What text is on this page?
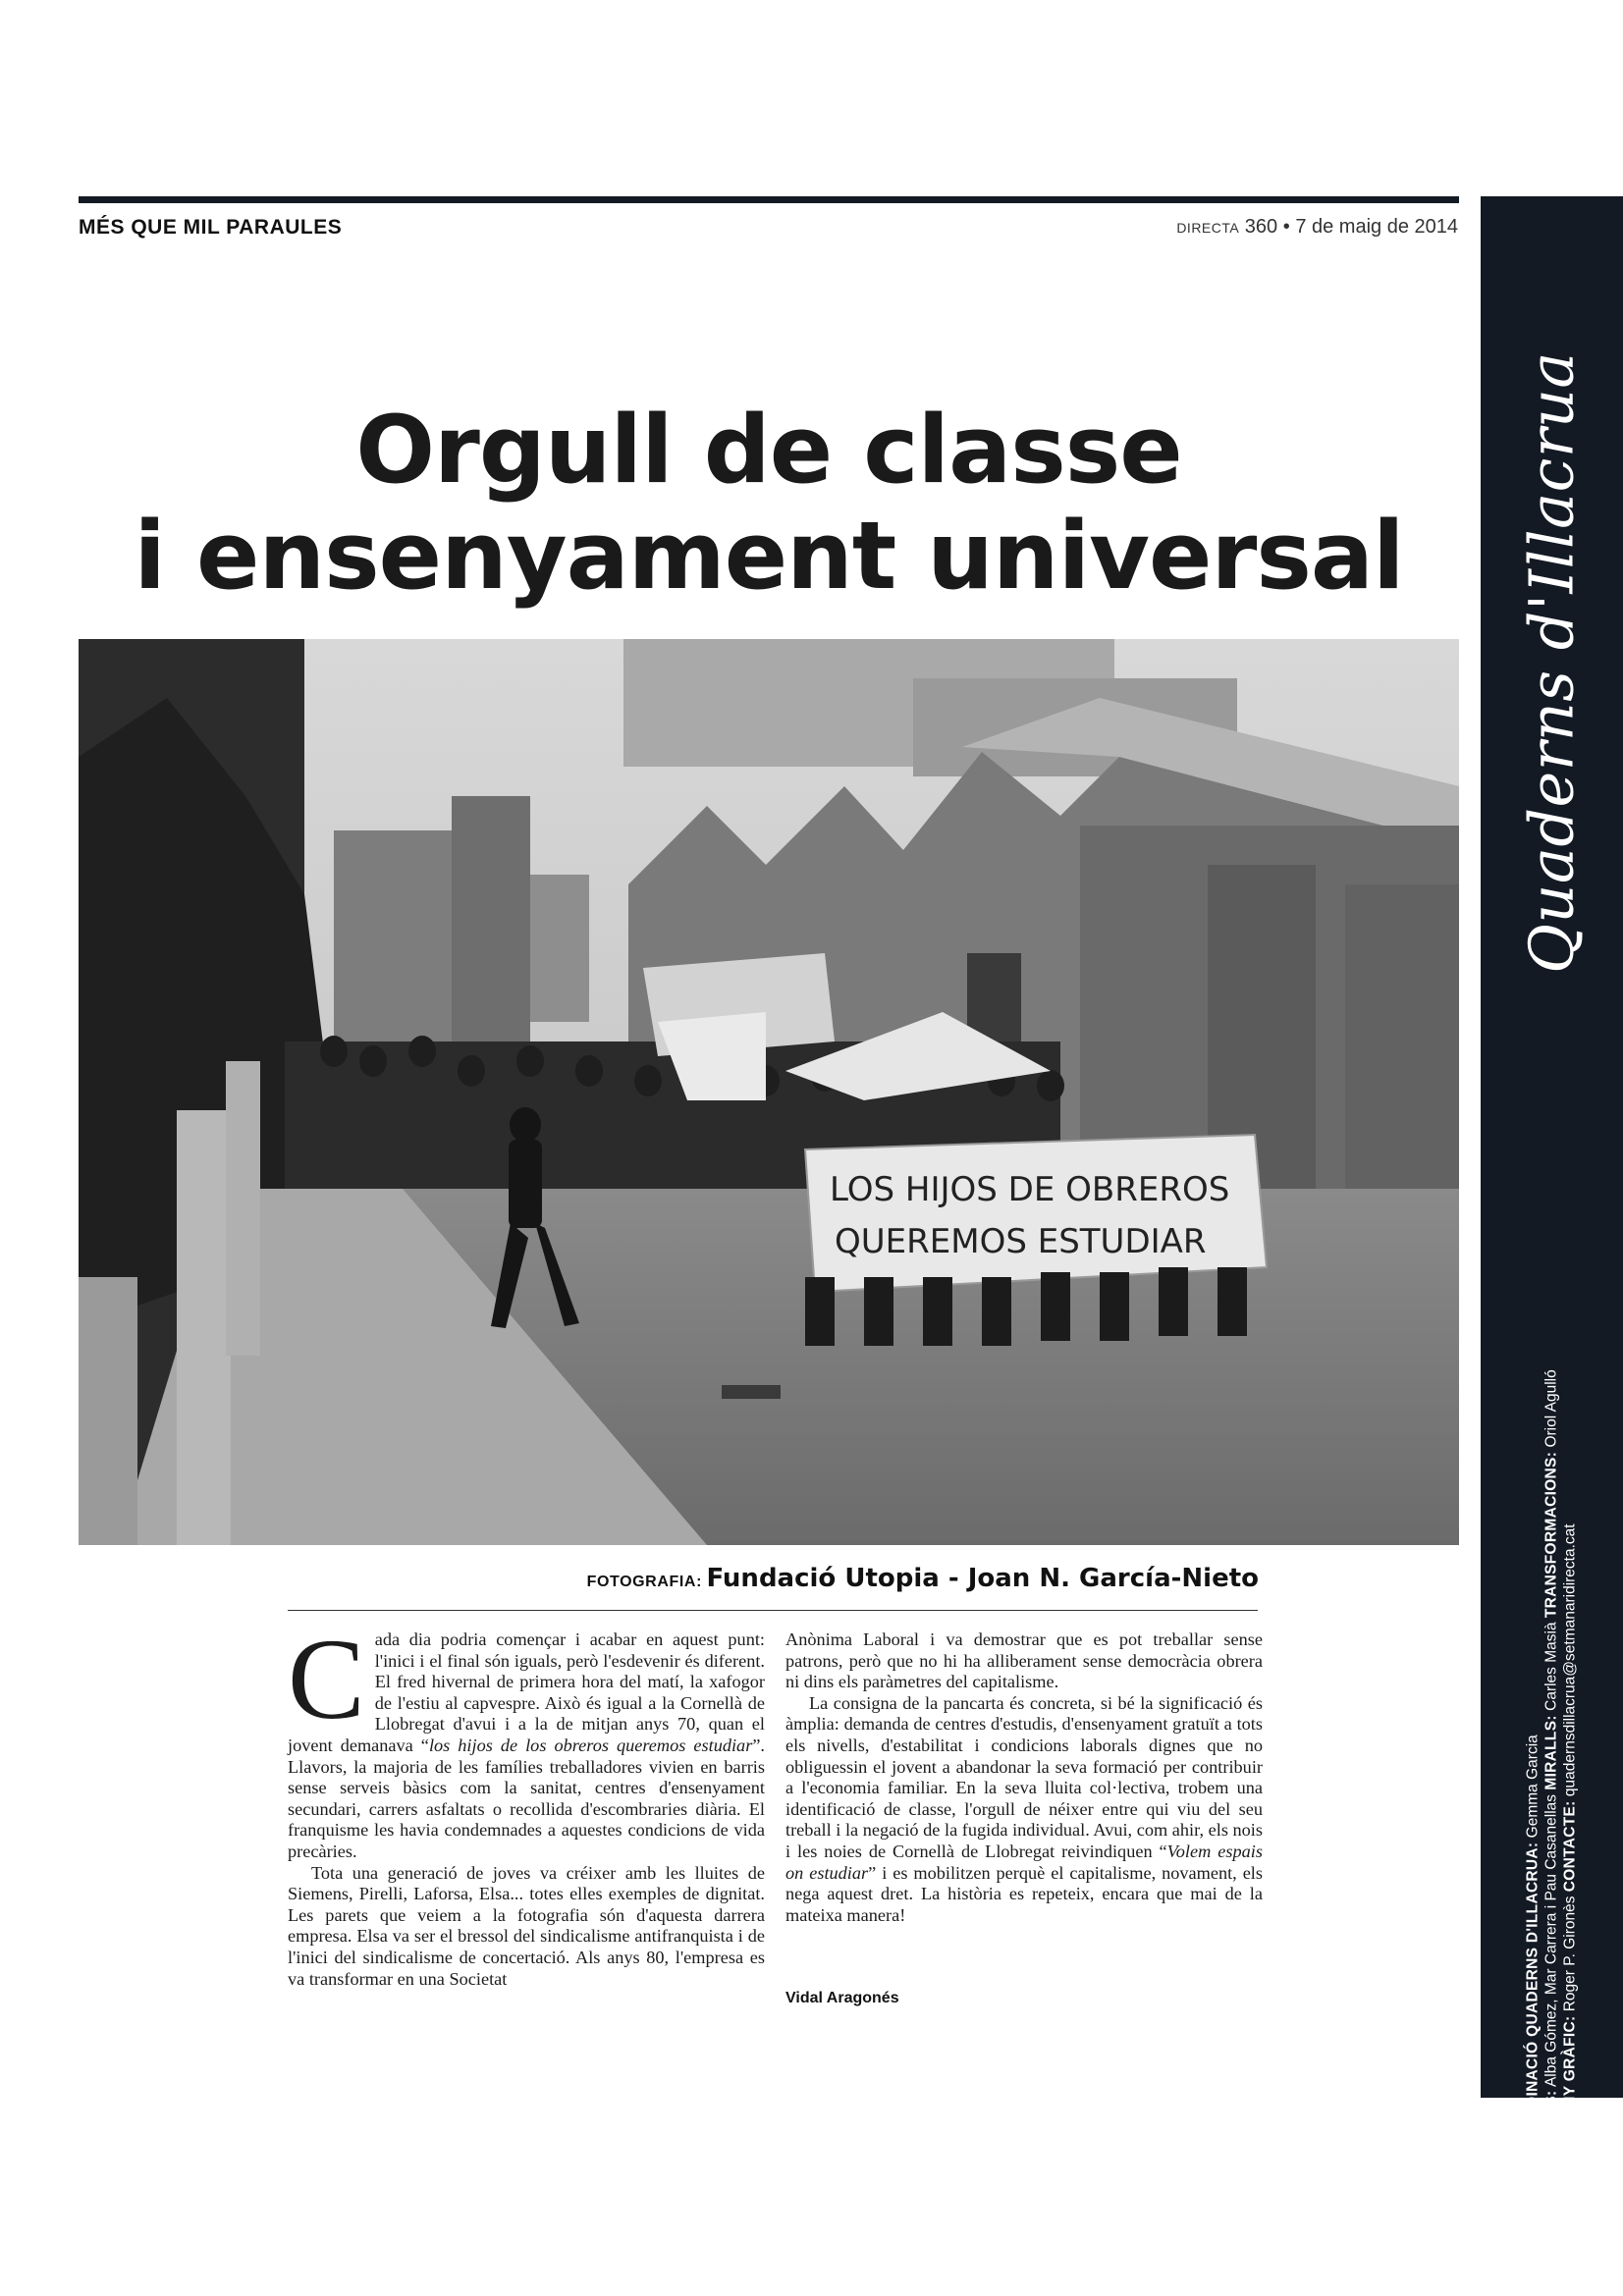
MÉS QUE MIL PARAULES	DIRECTA 360 • 7 de maig de 2014
Orgull de classe
i ensenyament universal
LOS HIJOS DE OBREROS
QUEREMOS ESTUDIAR
FOTOGRAFIA: Fundació Utopia - Joan N. García-Nieto

Cada dia podria començar i acabar en aquest punt: l'inici i el final són iguals, però l'esdevenir és diferent. El fred hivernal de primera hora del matí, la xafogor de l'estiu al capvespre. Això és igual a la Cornellà de Llobregat d'avui i a la de mitjan anys 70, quan el jovent demanava “los hijos de los obreros queremos estudiar”. Llavors, la majoria de les famílies treballadores vivien en barris sense serveis bàsics com la sanitat, centres d'ensenyament secundari, carrers asfaltats o recollida d'escombraries diària. El franquisme les havia condemnades a aquestes condicions de vida precàries.

Tota una generació de joves va créixer amb les lluites de Siemens, Pirelli, Laforsa, Elsa... totes elles exemples de dignitat. Les parets que veiem a la fotografia són d'aquesta darrera empresa. Elsa va ser el bressol del sindicalisme antifranquista i de l'inici del sindicalisme de concertació. Als anys 80, l'empresa es va transformar en una Societat

Anònima Laboral i va demostrar que es pot treballar sense patrons, però que no hi ha alliberament sense democràcia obrera ni dins els paràmetres del capitalisme.

La consigna de la pancarta és concreta, si bé la significació és àmplia: demanda de centres d'estudis, d'ensenyament gratuït a tots els nivells, d'estabilitat i condicions laborals dignes que no obliguessin el jovent a abandonar la seva formació per contribuir a l'economia familiar. En la seva lluita col·lectiva, trobem una identificació de classe, l'orgull de néixer entre qui viu del seu treball i la negació de la fugida individual. Avui, com ahir, els nois i les noies de Cornellà de Llobregat reivindiquen “Volem espais on estudiar” i es mobilitzen perquè el capitalisme, novament, els nega aquest dret. La història es repeteix, encara que mai de la mateixa manera!

Vidal Aragonés
Quaderns d'Illacrua
COORDINACIÓ QUADERNS D'ILLACRUA: Gemma Garcia
A FONS: Alba Gómez, Mar Carrera i Pau Casanellas MIRALLS: Carles Masià TRANSFORMACIONS: Oriol Agulló
DISSENY GRÀFIC: Roger P. Gironès CONTACTE: quadernsdillacrua@setmanaridirecta.cat
